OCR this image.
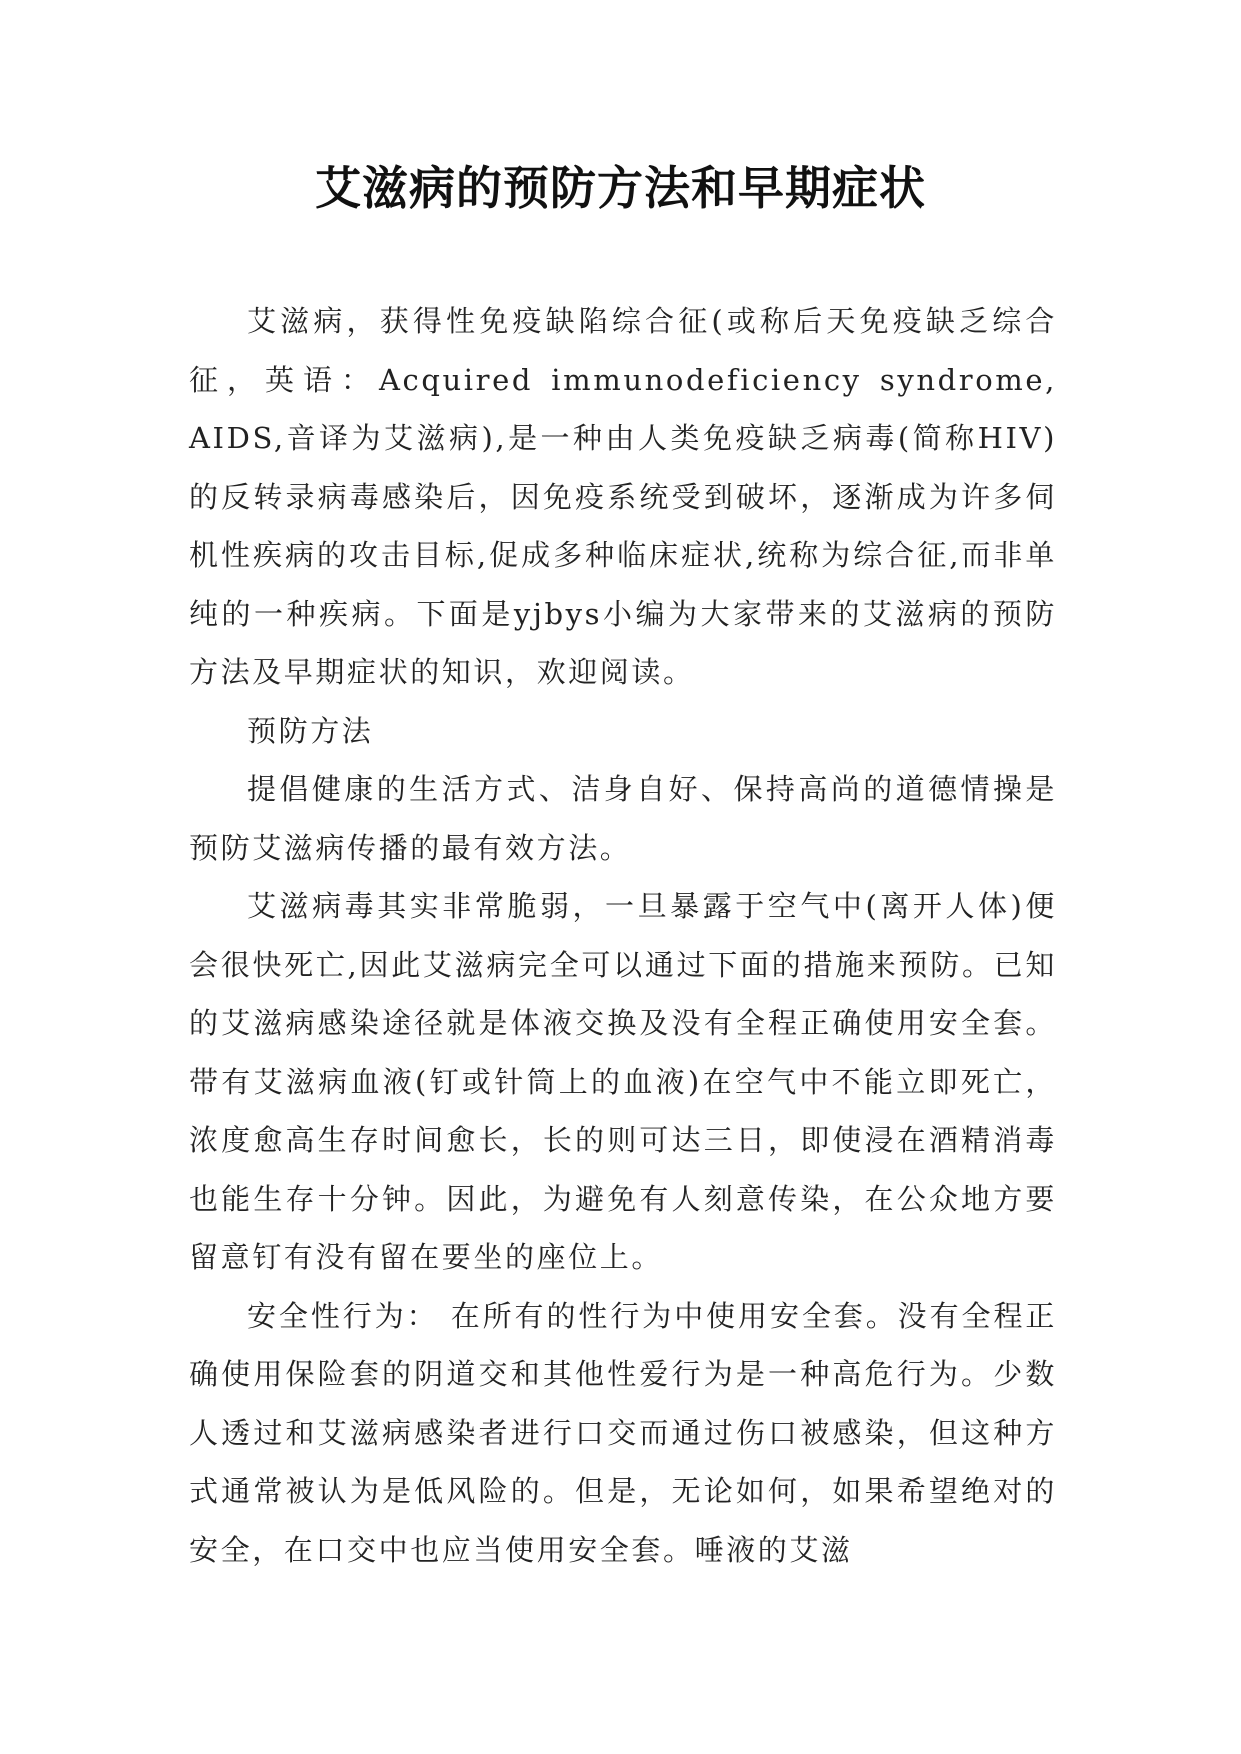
艾滋病的预防方法和早期症状

艾滋病，获得性免疫缺陷综合征(或称后天免疫缺乏综合征，英语：Acquired immunodeficiency syndrome, AIDS,音译为艾滋病),是一种由人类免疫缺乏病毒(简称HIV)的反转录病毒感染后，因免疫系统受到破坏，逐渐成为许多伺机性疾病的攻击目标,促成多种临床症状,统称为综合征,而非单纯的一种疾病。下面是yjbys小编为大家带来的艾滋病的预防方法及早期症状的知识，欢迎阅读。

预防方法

提倡健康的生活方式、洁身自好、保持高尚的道德情操是预防艾滋病传播的最有效方法。

艾滋病毒其实非常脆弱，一旦暴露于空气中(离开人体)便会很快死亡,因此艾滋病完全可以通过下面的措施来预防。已知的艾滋病感染途径就是体液交换及没有全程正确使用安全套。带有艾滋病血液(钉或针筒上的血液)在空气中不能立即死亡，浓度愈高生存时间愈长，长的则可达三日，即使浸在酒精消毒也能生存十分钟。因此，为避免有人刻意传染，在公众地方要留意钉有没有留在要坐的座位上。

安全性行为： 在所有的性行为中使用安全套。没有全程正确使用保险套的阴道交和其他性爱行为是一种高危行为。少数人透过和艾滋病感染者进行口交而通过伤口被感染，但这种方式通常被认为是低风险的。但是，无论如何，如果希望绝对的安全，在口交中也应当使用安全套。唾液的艾滋
